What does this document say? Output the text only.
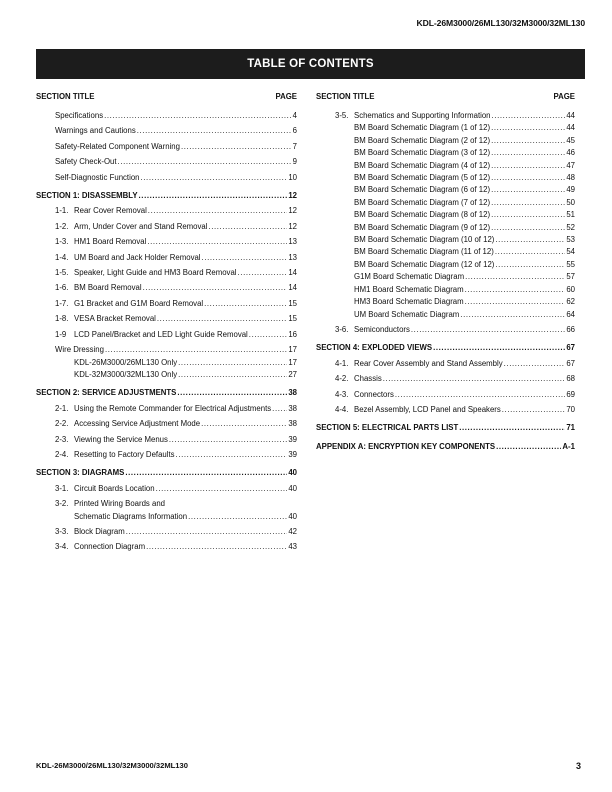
KDL-26M3000/26ML130/32M3000/32ML130
TABLE OF CONTENTS
SECTION TITLE	PAGE
Specifications .....	4
Warnings and Cautions .....	6
Safety-Related Component Warning .....	7
Safety Check-Out .....	9
Self-Diagnostic Function .....	10
SECTION 1: DISASSEMBLY .....	12
1-1. Rear Cover Removal .....	12
1-2. Arm, Under Cover and Stand Removal .....	12
1-3. HM1 Board Removal .....	13
1-4. UM Board and Jack Holder Removal .....	13
1-5. Speaker, Light Guide and HM3 Board Removal .....	14
1-6. BM Board Removal .....	14
1-7. G1 Bracket and G1M Board Removal .....	15
1-8. VESA Bracket Removal .....	15
1-9 LCD Panel/Bracket and LED Light Guide Removal .....	16
Wire Dressing .....	17
KDL-26M3000/26ML130 Only .....	17
KDL-32M3000/32ML130 Only .....	27
SECTION 2: SERVICE ADJUSTMENTS .....	38
2-1. Using the Remote Commander for Electrical Adjustments ..... 38
2-2. Accessing Service Adjustment Mode .....	38
2-3. Viewing the Service Menus .....	39
2-4. Resetting to Factory Defaults .....	39
SECTION 3: DIAGRAMS .....	40
3-1. Circuit Boards Location .....	40
3-2. Printed Wiring Boards and
Schematic Diagrams Information .....	40
3-3. Block Diagram .....	42
3-4. Connection Diagram .....	43
SECTION TITLE	PAGE
3-5. Schematics and Supporting Information .....	44
BM Board Schematic Diagram (1 of 12) .....	44
BM Board Schematic Diagram (2 of 12) .....	45
BM Board Schematic Diagram (3 of 12) .....	46
BM Board Schematic Diagram (4 of 12) .....	47
BM Board Schematic Diagram (5 of 12) .....	48
BM Board Schematic Diagram (6 of 12) .....	49
BM Board Schematic Diagram (7 of 12) .....	50
BM Board Schematic Diagram (8 of 12) .....	51
BM Board Schematic Diagram (9 of 12) .....	52
BM Board Schematic Diagram (10 of 12) .....	53
BM Board Schematic Diagram (11 of 12) .....	54
BM Board Schematic Diagram (12 of 12) .....	55
G1M Board Schematic Diagram .....	57
HM1 Board Schematic Diagram .....	60
HM3 Board Schematic Diagram .....	62
UM Board Schematic Diagram .....	64
3-6. Semiconductors .....	66
SECTION 4: EXPLODED VIEWS .....	67
4-1. Rear Cover Assembly and Stand Assembly .....	67
4-2. Chassis .....	68
4-3. Connectors .....	69
4-4. Bezel Assembly, LCD Panel and Speakers .....	70
SECTION 5: ELECTRICAL PARTS LIST .....	71
APPENDIX A: ENCRYPTION KEY COMPONENTS .....	A-1
KDL-26M3000/26ML130/32M3000/32ML130	3
